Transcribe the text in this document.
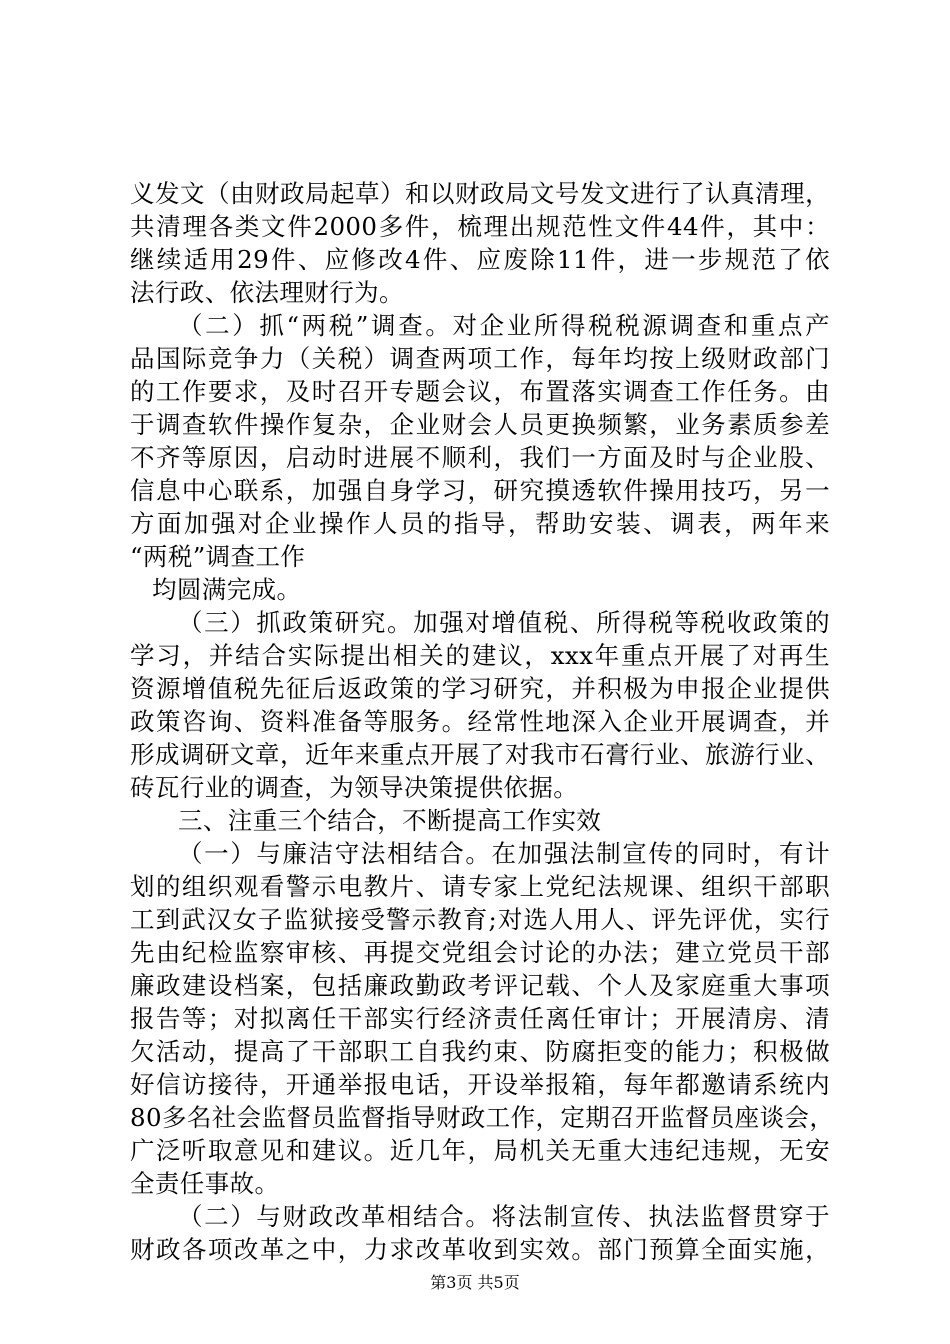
义发文（由财政局起草）和以财政局文号发文进行了认真清理，
共清理各类文件2000多件，梳理出规范性文件44件，其中：
继续适用29件、应修改4件、应废除11件，进一步规范了依
法行政、依法理财行为。
（二）抓“两税”调查。对企业所得税税源调查和重点产
品国际竞争力（关税）调查两项工作，每年均按上级财政部门
的工作要求，及时召开专题会议，布置落实调查工作任务。由
于调查软件操作复杂，企业财会人员更换频繁，业务素质参差
不齐等原因，启动时进展不顺利，我们一方面及时与企业股、
信息中心联系，加强自身学习，研究摸透软件操用技巧，另一
方面加强对企业操作人员的指导，帮助安装、调表，两年来
“两税”调查工作
均圆满完成。
（三）抓政策研究。加强对增值税、所得税等税收政策的
学习，并结合实际提出相关的建议，xxx年重点开展了对再生
资源增值税先征后返政策的学习研究，并积极为申报企业提供
政策咨询、资料准备等服务。经常性地深入企业开展调查，并
形成调研文章，近年来重点开展了对我市石膏行业、旅游行业、
砖瓦行业的调查，为领导决策提供依据。
三、注重三个结合，不断提高工作实效
（一）与廉洁守法相结合。在加强法制宣传的同时，有计
划的组织观看警示电教片、请专家上党纪法规课、组织干部职
工到武汉女子监狱接受警示教育;对选人用人、评先评优，实行
先由纪检监察审核、再提交党组会讨论的办法；建立党员干部
廉政建设档案，包括廉政勤政考评记载、个人及家庭重大事项
报告等；对拟离任干部实行经济责任离任审计；开展清房、清
欠活动，提高了干部职工自我约束、防腐拒变的能力；积极做
好信访接待，开通举报电话，开设举报箱，每年都邀请系统内
80多名社会监督员监督指导财政工作，定期召开监督员座谈会，
广泛听取意见和建议。近几年，局机关无重大违纪违规，无安
全责任事故。
（二）与财政改革相结合。将法制宣传、执法监督贯穿于
财政各项改革之中，力求改革收到实效。部门预算全面实施，
第3页 共5页
